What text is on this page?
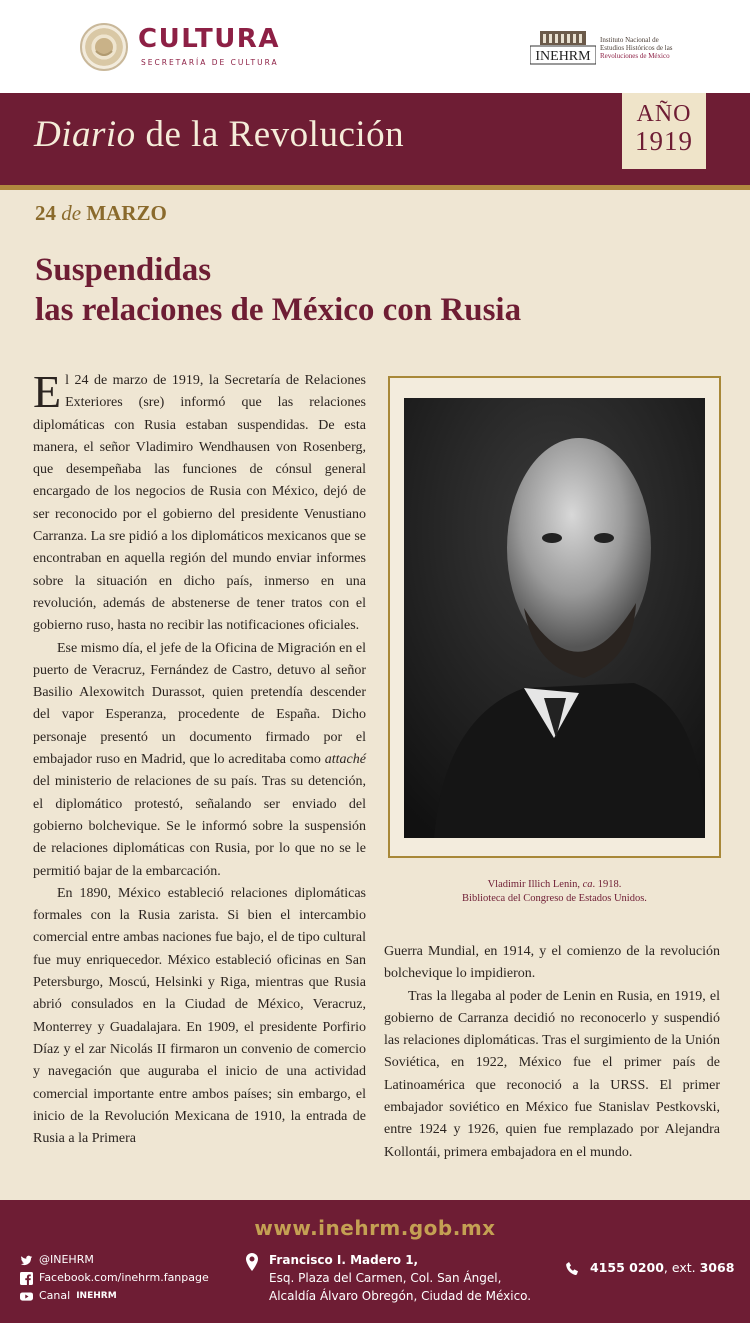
CULTURA
SECRETARÍA DE CULTURA	INEHRM
Instituto Nacional de
Estudios Históricos de las
Revoluciones de México
Diario de la Revolución	AÑO
1919
24 de MARZO
Suspendidas
las relaciones de México con Rusia

El 24 de marzo de 1919, la Secretaría de Relaciones Exteriores (sre) informó que las relaciones diplomáticas con Rusia estaban suspendidas. De esta manera, el señor Vladimiro Wendhausen von Rosenberg, que desempeñaba las funciones de cónsul general encargado de los negocios de Rusia con México, dejó de ser reconocido por el gobierno del presidente Venustiano Carranza. La sre pidió a los diplomáticos mexicanos que se encontraban en aquella región del mundo enviar informes sobre la situación en dicho país, inmerso en una revolución, además de abstenerse de tener tratos con el gobierno ruso, hasta no recibir las notificaciones oficiales.

Ese mismo día, el jefe de la Oficina de Migración en el puerto de Veracruz, Fernández de Castro, detuvo al señor Basilio Alexowitch Durassot, quien pretendía descender del vapor Esperanza, procedente de España. Dicho personaje presentó un documento firmado por el embajador ruso en Madrid, que lo acreditaba como attaché del ministerio de relaciones de su país. Tras su detención, el diplomático protestó, señalando ser enviado del gobierno bolchevique. Se le informó sobre la suspensión de relaciones diplomáticas con Rusia, por lo que no se le permitió bajar de la embarcación.

En 1890, México estableció relaciones diplomáticas formales con la Rusia zarista. Si bien el intercambio comercial entre ambas naciones fue bajo, el de tipo cultural fue muy enriquecedor. México estableció oficinas en San Petersburgo, Moscú, Helsinki y Riga, mientras que Rusia abrió consulados en la Ciudad de México, Veracruz, Monterrey y Guadalajara. En 1909, el presidente Porfirio Díaz y el zar Nicolás II firmaron un convenio de comercio y navegación que auguraba el inicio de una actividad comercial importante entre ambos países; sin embargo, el inicio de la Revolución Mexicana de 1910, la entrada de Rusia a la Primera

Vladimir Illich Lenin, ca. 1918.
Biblioteca del Congreso de Estados Unidos.

Guerra Mundial, en 1914, y el comienzo de la revolución bolchevique lo impidieron.

Tras la llegaba al poder de Lenin en Rusia, en 1919, el gobierno de Carranza decidió no reconocerlo y suspendió las relaciones diplomáticas. Tras el surgimiento de la Unión Soviética, en 1922, México fue el primer país de Latinoamérica que reconoció a la URSS. El primer embajador soviético en México fue Stanislav Pestkovski, entre 1924 y 1926, quien fue remplazado por Alejandra Kollontái, primera embajadora en el mundo.

www.inehrm.gob.mx
@INEHRM
Facebook.com/inehrm.fanpage
Canal INEHRM
Francisco I. Madero 1,
Esq. Plaza del Carmen, Col. San Ángel,
Alcaldía Álvaro Obregón, Ciudad de México.
4155 0200, ext. 3068
